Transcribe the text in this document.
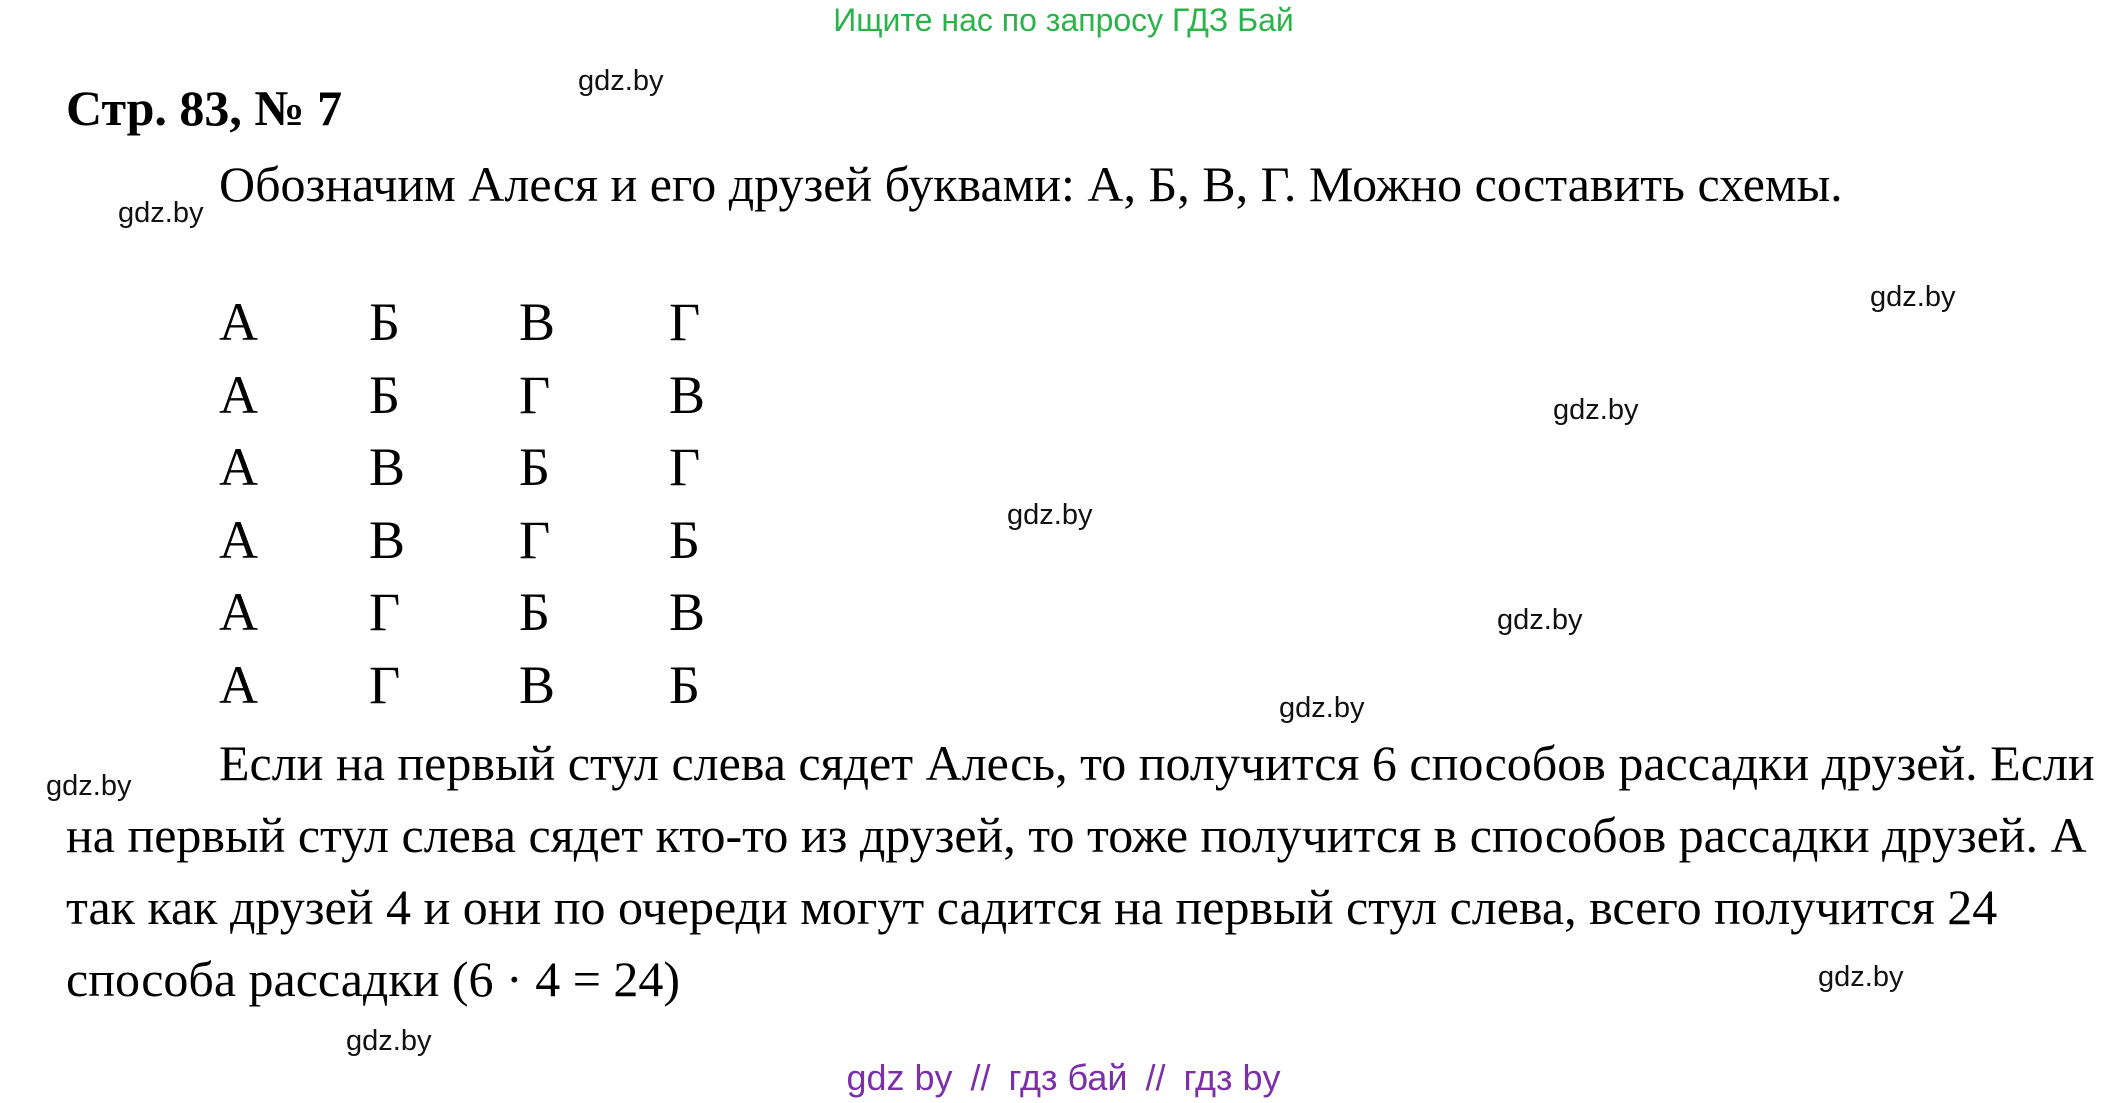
Ищите нас по запросу ГДЗ Бай
Стр. 83, № 7

Обозначим Алеся и его друзей буквами: А, Б, В, Г. Можно составить схемы.

А	Б	В	Г
А	Б	Г	В
А	В	Б	Г
А	В	Г	Б
А	Г	Б	В
А	Г	В	Б

Если на первый стул слева сядет Алесь, то получится 6 способов рассадки друзей. Если на первый стул слева сядет кто-то из друзей, то тоже получится в способов рассадки друзей. А так как друзей 4 и они по очереди могут садится на первый стул слева, всего получится 24 способа рассадки (6 · 4 = 24)

gdz.by
gdz.by
gdz.by
gdz.by
gdz.by
gdz.by
gdz.by
gdz.by
gdz.by
gdz.by
gdz by // гдз бай // гдз by
